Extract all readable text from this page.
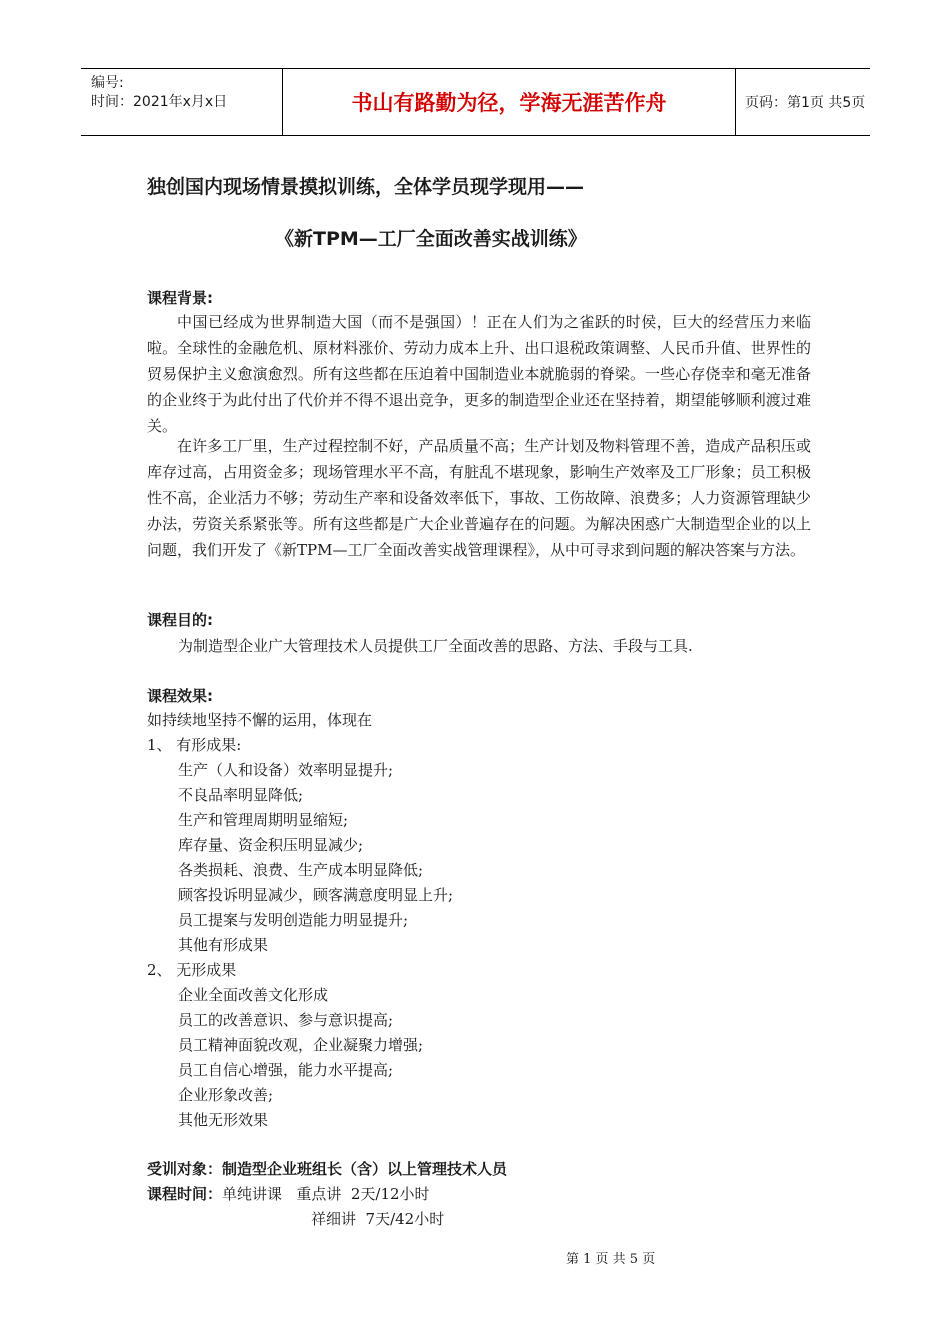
编号:
时间：2021年x月x日	书山有路勤为径，学海无涯苦作舟	页码：第1页 共5页
独创国内现场情景摸拟训练，全体学员现学现用——
《新TPM—工厂全面改善实战训练》
课程背景:

中国已经成为世界制造大国（而不是强国）！正在人们为之雀跃的时侯，巨大的经营压力来临啦。全球性的金融危机、原材料涨价、劳动力成本上升、出口退税政策调整、人民币升值、世界性的贸易保护主义愈演愈烈。所有这些都在压迫着中国制造业本就脆弱的脊梁。一些心存侥幸和毫无准备的企业终于为此付出了代价并不得不退出竞争，更多的制造型企业还在坚持着，期望能够顺利渡过难关。

在许多工厂里，生产过程控制不好，产品质量不高；生产计划及物料管理不善，造成产品积压或库存过高，占用资金多；现场管理水平不高，有脏乱不堪现象，影响生产效率及工厂形象；员工积极性不高，企业活力不够；劳动生产率和设备效率低下，事故、工伤故障、浪费多；人力资源管理缺少办法，劳资关系紧张等。所有这些都是广大企业普遍存在的问题。为解决困惑广大制造型企业的以上问题，我们开发了《新TPM—工厂全面改善实战管理课程》，从中可寻求到问题的解决答案与方法。

课程目的:
为制造型企业广大管理技术人员提供工厂全面改善的思路、方法、手段与工具.
课程效果:
如持续地坚持不懈的运用，体现在
1、 有形成果:
生产（人和设备）效率明显提升;
不良品率明显降低;
生产和管理周期明显缩短;
库存量、资金积压明显减少;
各类损耗、浪费、生产成本明显降低;
顾客投诉明显减少，顾客满意度明显上升;
员工提案与发明创造能力明显提升;
其他有形成果
2、 无形成果
企业全面改善文化形成
员工的改善意识、参与意识提高;
员工精神面貌改观，企业凝聚力增强;
员工自信心增强，能力水平提高;
企业形象改善;
其他无形效果
受训对象：制造型企业班组长（含）以上管理技术人员
课程时间：单纯讲课   重点讲  2天/12小时
祥细讲  7天/42小时
第 1 页 共 5 页
